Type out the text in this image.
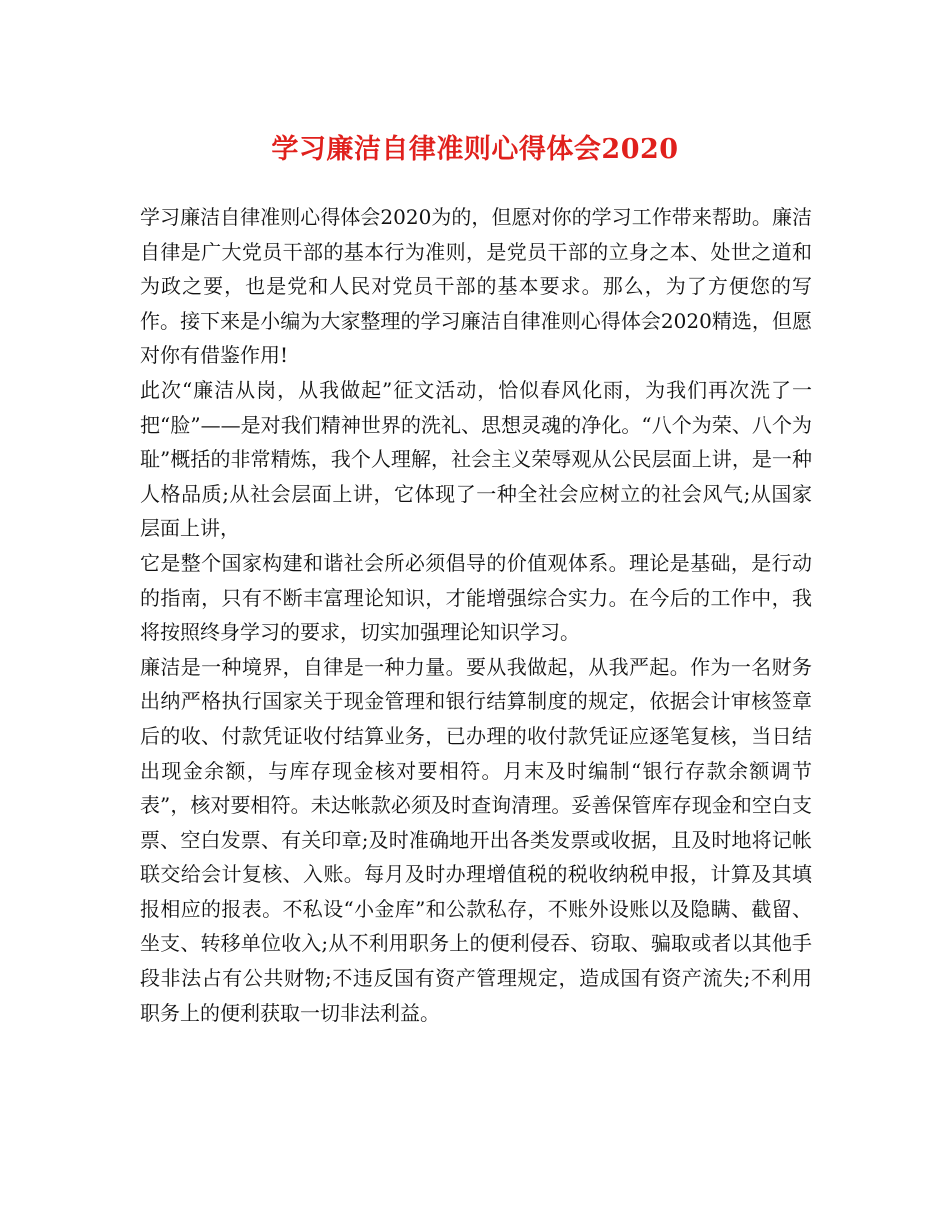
学习廉洁自律准则心得体会2020

学习廉洁自律准则心得体会2020为的，但愿对你的学习工作带来帮助。廉洁自律是广大党员干部的基本行为准则，是党员干部的立身之本、处世之道和为政之要，也是党和人民对党员干部的基本要求。那么，为了方便您的写作。接下来是小编为大家整理的学习廉洁自律准则心得体会2020精选，但愿对你有借鉴作用!

此次“廉洁从岗，从我做起”征文活动，恰似春风化雨，为我们再次洗了一把“脸”——是对我们精神世界的洗礼、思想灵魂的净化。“八个为荣、八个为耻”概括的非常精炼，我个人理解，社会主义荣辱观从公民层面上讲，是一种人格品质;从社会层面上讲，它体现了一种全社会应树立的社会风气;从国家层面上讲，

它是整个国家构建和谐社会所必须倡导的价值观体系。理论是基础，是行动的指南，只有不断丰富理论知识，才能增强综合实力。在今后的工作中，我将按照终身学习的要求，切实加强理论知识学习。

廉洁是一种境界，自律是一种力量。要从我做起，从我严起。作为一名财务出纳严格执行国家关于现金管理和银行结算制度的规定，依据会计审核签章后的收、付款凭证收付结算业务，已办理的收付款凭证应逐笔复核，当日结出现金余额，与库存现金核对要相符。月末及时编制“银行存款余额调节表”，核对要相符。未达帐款必须及时查询清理。妥善保管库存现金和空白支票、空白发票、有关印章;及时准确地开出各类发票或收据，且及时地将记帐联交给会计复核、入账。每月及时办理增值税的税收纳税申报，计算及其填报相应的报表。不私设“小金库”和公款私存，不账外设账以及隐瞒、截留、坐支、转移单位收入;从不利用职务上的便利侵吞、窃取、骗取或者以其他手段非法占有公共财物;不违反国有资产管理规定，造成国有资产流失;不利用职务上的便利获取一切非法利益。
